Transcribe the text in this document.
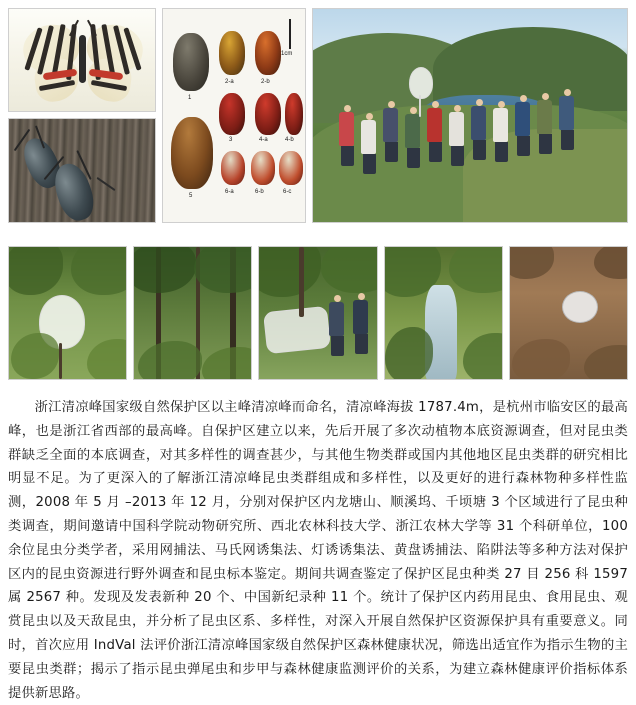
1cm
1
2-a	2-b
3	4-a	4-b
5
6-a	6-b	6-c

浙江清凉峰国家级自然保护区以主峰清凉峰而命名，清凉峰海拔 1787.4m，是杭州市临安区的最高峰，也是浙江省西部的最高峰。自保护区建立以来，先后开展了多次动植物本底资源调查，但对昆虫类群缺乏全面的本底调查，对其多样性的调查甚少，与其他生物类群或国内其他地区昆虫类群的研究相比明显不足。为了更深入的了解浙江清凉峰昆虫类群组成和多样性，以及更好的进行森林物种多样性监测，2008 年 5 月 –2013 年 12 月，分别对保护区内龙塘山、顺溪坞、千顷塘 3 个区域进行了昆虫种类调查，期间邀请中国科学院动物研究所、西北农林科技大学、浙江农林大学等 31 个科研单位，100 余位昆虫分类学者，采用网捕法、马氏网诱集法、灯诱诱集法、黄盘诱捕法、陷阱法等多种方法对保护区内的昆虫资源进行野外调查和昆虫标本鉴定。期间共调查鉴定了保护区昆虫种类 27 目 256 科 1597 属 2567 种。发现及发表新种 20 个、中国新纪录种 11 个。统计了保护区内药用昆虫、食用昆虫、观赏昆虫以及天敌昆虫，并分析了昆虫区系、多样性，对深入开展自然保护区资源保护具有重要意义。同时，首次应用 IndVal 法评价浙江清凉峰国家级自然保护区森林健康状况，筛选出适宜作为指示生物的主要昆虫类群；揭示了指示昆虫弹尾虫和步甲与森林健康监测评价的关系，为建立森林健康评价指标体系提供新思路。
